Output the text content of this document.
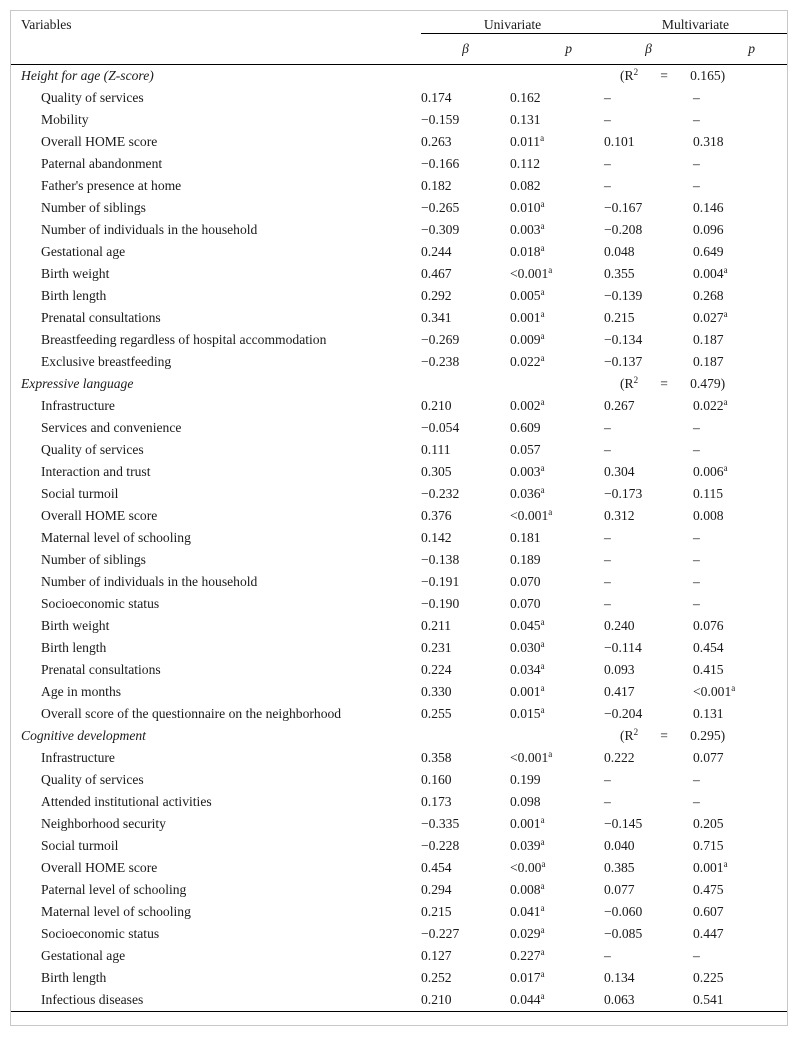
Variables	Univariate		Multivariate	
	β	p	β	p
Height for age (Z-score)			$(R^2 = 0.165)$	
Quality of services	0.174	0.162	–	–
Mobility	−0.159	0.131	–	–
Overall HOME score	0.263	0.011$^a$	0.101	0.318
Paternal abandonment	−0.166	0.112	–	–
Father's presence at home	0.182	0.082	–	–
Number of siblings	−0.265	0.010$^a$	−0.167	0.146
Number of individuals in the household	−0.309	0.003$^a$	−0.208	0.096
Gestational age	0.244	0.018$^a$	0.048	0.649
Birth weight	0.467	<0.001$^a$	0.355	0.004$^a$
Birth length	0.292	0.005$^a$	−0.139	0.268
Prenatal consultations	0.341	0.001$^a$	0.215	0.027$^a$
Breastfeeding regardless of hospital accommodation	−0.269	0.009$^a$	−0.134	0.187
Exclusive breastfeeding	−0.238	0.022$^a$	−0.137	0.187
Expressive language			$(R^2 = 0.479)$	
Infrastructure	0.210	0.002$^a$	0.267	0.022$^a$
Services and convenience	−0.054	0.609	–	–
Quality of services	0.111	0.057	–	–
Interaction and trust	0.305	0.003$^a$	0.304	0.006$^a$
Social turmoil	−0.232	0.036$^a$	−0.173	0.115
Overall HOME score	0.376	<0.001$^a$	0.312	0.008
Maternal level of schooling	0.142	0.181	–	–
Number of siblings	−0.138	0.189	–	–
Number of individuals in the household	−0.191	0.070	–	–
Socioeconomic status	−0.190	0.070	–	–
Birth weight	0.211	0.045$^a$	0.240	0.076
Birth length	0.231	0.030$^a$	−0.114	0.454
Prenatal consultations	0.224	0.034$^a$	0.093	0.415
Age in months	0.330	0.001$^a$	0.417	<0.001$^a$
Overall score of the questionnaire on the neighborhood	0.255	0.015$^a$	−0.204	0.131
Cognitive development			$(R^2 = 0.295)$	
Infrastructure	0.358	<0.001$^a$	0.222	0.077
Quality of services	0.160	0.199	–	–
Attended institutional activities	0.173	0.098	–	–
Neighborhood security	−0.335	0.001$^a$	−0.145	0.205
Social turmoil	−0.228	0.039$^a$	0.040	0.715
Overall HOME score	0.454	<0.00$^a$	0.385	0.001$^a$
Paternal level of schooling	0.294	0.008$^a$	0.077	0.475
Maternal level of schooling	0.215	0.041$^a$	−0.060	0.607
Socioeconomic status	−0.227	0.029$^a$	−0.085	0.447
Gestational age	0.127	0.227$^a$	–	–
Birth length	0.252	0.017$^a$	0.134	0.225
Infectious diseases	0.210	0.044$^a$	0.063	0.541
